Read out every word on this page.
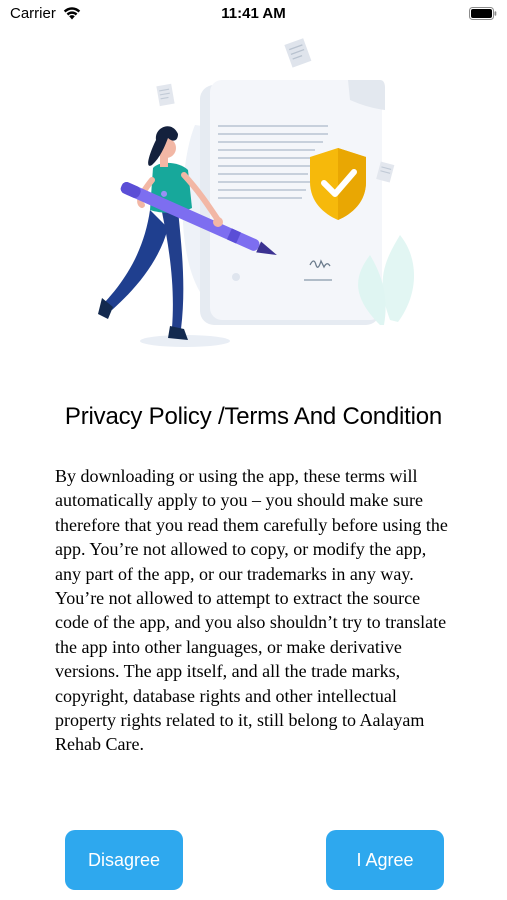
Carrier	11:41 AM
Privacy Policy /Terms And Condition
By downloading or using the app, these terms will automatically apply to you – you should make sure therefore that you read them carefully before using the app. You’re not allowed to copy, or modify the app, any part of the app, or our trademarks in any way. You’re not allowed to attempt to extract the source code of the app, and you also shouldn’t try to translate the app into other languages, or make derivative versions. The app itself, and all the trade marks, copyright, database rights and other intellectual property rights related to it, still belong to Aalayam Rehab Care.
Disagree	I Agree
